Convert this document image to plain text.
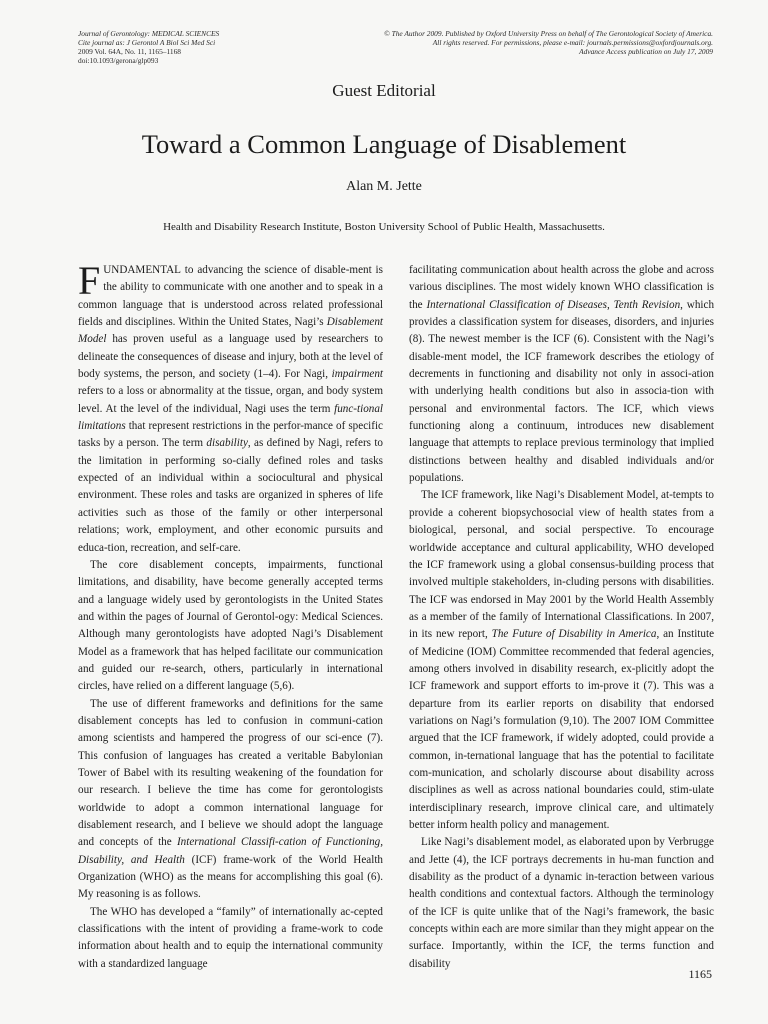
Journal of Gerontology: MEDICAL SCIENCES
Cite journal as: J Gerontol A Biol Sci Med Sci
2009 Vol. 64A, No. 11, 1165–1168
doi:10.1093/gerona/glp093
© The Author 2009. Published by Oxford University Press on behalf of The Gerontological Society of America.
All rights reserved. For permissions, please e-mail: journals.permissions@oxfordjournals.org.
Advance Access publication on July 17, 2009
Guest Editorial
Toward a Common Language of Disablement
Alan M. Jette
Health and Disability Research Institute, Boston University School of Public Health, Massachusetts.

FUNDAMENTAL to advancing the science of disable-ment is the ability to communicate with one another and to speak in a common language that is understood across related professional fields and disciplines. Within the United States, Nagi’s Disablement Model has proven useful as a language used by researchers to delineate the consequences of disease and injury, both at the level of body systems, the person, and society (1–4). For Nagi, impairment refers to a loss or abnormality at the tissue, organ, and body system level. At the level of the individual, Nagi uses the term func-tional limitations that represent restrictions in the perfor-mance of specific tasks by a person. The term disability, as defined by Nagi, refers to the limitation in performing so-cially defined roles and tasks expected of an individual within a sociocultural and physical environment. These roles and tasks are organized in spheres of life activities such as those of the family or other interpersonal relations; work, employment, and other economic pursuits and educa-tion, recreation, and self-care.

The core disablement concepts, impairments, functional limitations, and disability, have become generally accepted terms and a language widely used by gerontologists in the United States and within the pages of Journal of Gerontol-ogy: Medical Sciences. Although many gerontologists have adopted Nagi’s Disablement Model as a framework that has helped facilitate our communication and guided our re-search, others, particularly in international circles, have relied on a different language (5,6).

The use of different frameworks and definitions for the same disablement concepts has led to confusion in communi-cation among scientists and hampered the progress of our sci-ence (7). This confusion of languages has created a veritable Babylonian Tower of Babel with its resulting weakening of the foundation for our research. I believe the time has come for gerontologists worldwide to adopt a common international language for disablement research, and I believe we should adopt the language and concepts of the International Classifi-cation of Functioning, Disability, and Health (ICF) frame-work of the World Health Organization (WHO) as the means for accomplishing this goal (6). My reasoning is as follows.

The WHO has developed a “family” of internationally ac-cepted classifications with the intent of providing a frame-work to code information about health and to equip the international community with a standardized language

facilitating communication about health across the globe and across various disciplines. The most widely known WHO classification is the International Classification of Diseases, Tenth Revision, which provides a classification system for diseases, disorders, and injuries (8). The newest member is the ICF (6). Consistent with the Nagi’s disable-ment model, the ICF framework describes the etiology of decrements in functioning and disability not only in associ-ation with underlying health conditions but also in associa-tion with personal and environmental factors. The ICF, which views functioning along a continuum, introduces new disablement language that attempts to replace previous terminology that implied distinctions between healthy and disabled individuals and/or populations.

The ICF framework, like Nagi’s Disablement Model, at-tempts to provide a coherent biopsychosocial view of health states from a biological, personal, and social perspective. To encourage worldwide acceptance and cultural applicability, WHO developed the ICF framework using a global consensus-building process that involved multiple stakeholders, in-cluding persons with disabilities. The ICF was endorsed in May 2001 by the World Health Assembly as a member of the family of International Classifications. In 2007, in its new report, The Future of Disability in America, an Institute of Medicine (IOM) Committee recommended that federal agencies, among others involved in disability research, ex-plicitly adopt the ICF framework and support efforts to im-prove it (7). This was a departure from its earlier reports on disability that endorsed variations on Nagi’s formulation (9,10). The 2007 IOM Committee argued that the ICF framework, if widely adopted, could provide a common, in-ternational language that has the potential to facilitate com-munication, and scholarly discourse about disability across disciplines as well as across national boundaries could, stim-ulate interdisciplinary research, improve clinical care, and ultimately better inform health policy and management.

Like Nagi’s disablement model, as elaborated upon by Verbrugge and Jette (4), the ICF portrays decrements in hu-man function and disability as the product of a dynamic in-teraction between various health conditions and contextual factors. Although the terminology of the ICF is quite unlike that of the Nagi’s framework, the basic concepts within each are more similar than they might appear on the surface. Importantly, within the ICF, the terms function and disability

1165
